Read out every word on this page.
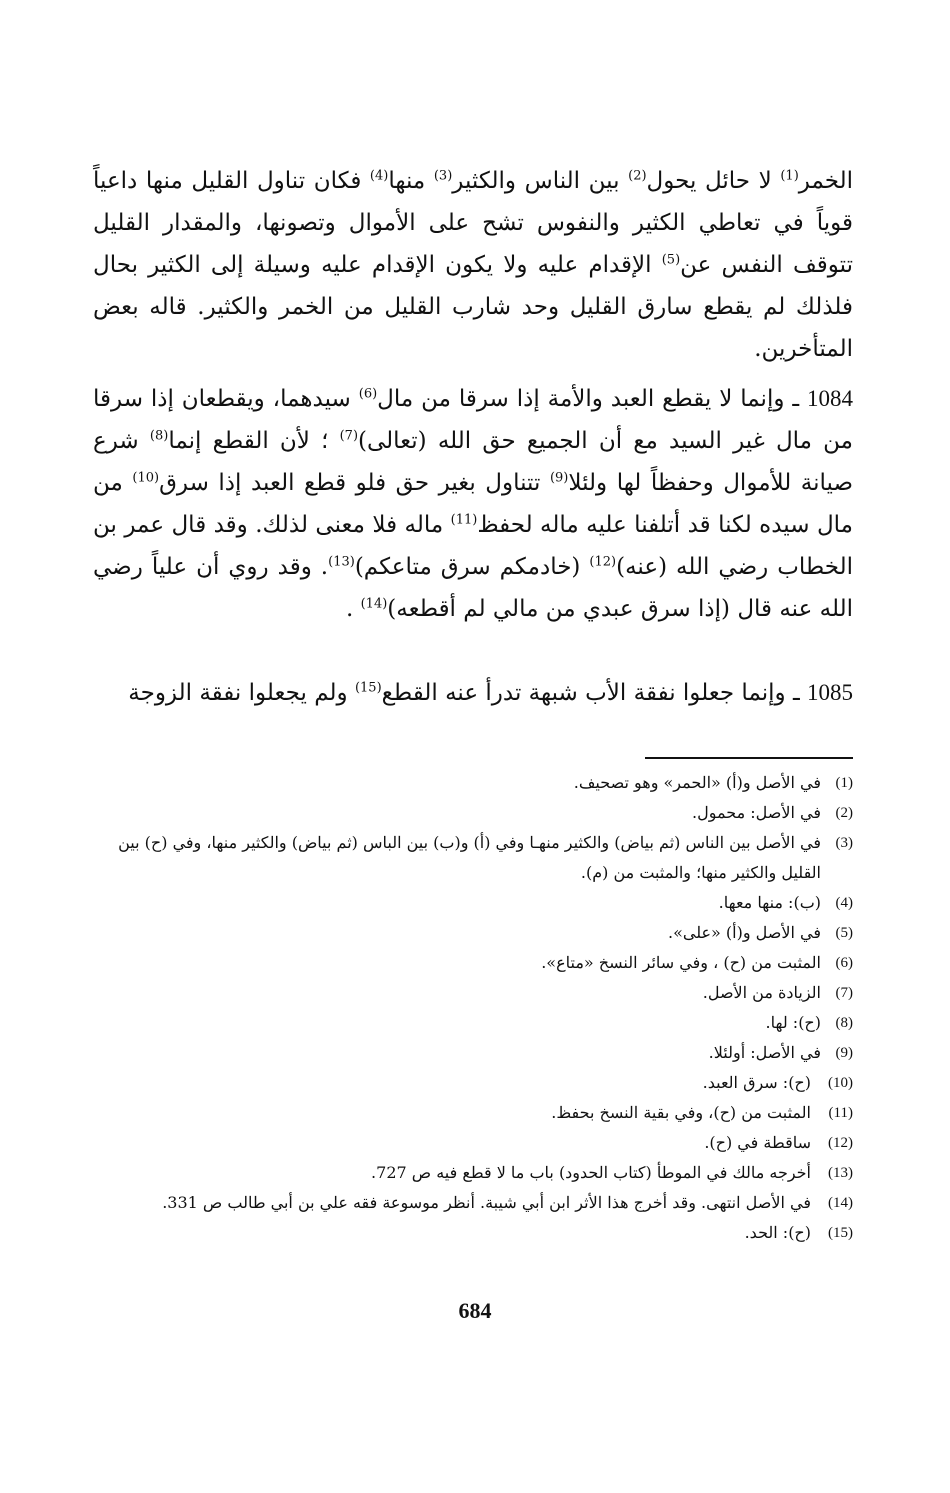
الخمر$^{(1)}$ لا حائل يحول$^{(2)}$ بين الناس والكثير$^{(3)}$ منها$^{(4)}$ فكان تناول القليل منها داعياً قوياً في تعاطي الكثير والنفوس تشح على الأموال وتصونها، والمقدار القليل تتوقف النفس عن$^{(5)}$ الإقدام عليه ولا يكون الإقدام عليه وسيلة إلى الكثير بحال فلذلك لم يقطع سارق القليل وحد شارب القليل من الخمر والكثير. قاله بعض المتأخرين.

1084 ـ وإنما لا يقطع العبد والأمة إذا سرقا من مال$^{(6)}$ سيدهما، ويقطعان إذا سرقا من مال غير السيد مع أن الجميع حق الله (تعالى)$^{(7)}$ ؛ لأن القطع إنما$^{(8)}$ شرع صيانة للأموال وحفظاً لها ولئلا$^{(9)}$ تتناول بغير حق فلو قطع العبد إذا سرق$^{(10)}$ من مال سيده لكنا قد أتلفنا عليه ماله لحفظ$^{(11)}$ ماله فلا معنى لذلك. وقد قال عمر بن الخطاب رضي الله (عنه)$^{(12)}$ (خادمكم سرق متاعكم)$^{(13)}$. وقد روي أن علياً رضي الله عنه قال (إذا سرق عبدي من مالي لم أقطعه)$^{(14)}$ .

1085 ـ وإنما جعلوا نفقة الأب شبهة تدرأ عنه القطع$^{(15)}$ ولم يجعلوا نفقة الزوجة

(1)
في الأصل و(أ) «الحمر» وهو تصحيف.
(2)
في الأصل: محمول.
(3)
في الأصل بين الناس (ثم بياض) والكثير منهـا وفي (أ) و(ب) بين الباس (ثم بياض) والكثير منها، وفي (ح) بين القليل والكثير منها؛ والمثبت من (م).
(4)
(ب): منها معها.
(5)
في الأصل و(أ) «على».
(6)
المثبت من (ح) ، وفي سائر النسخ «متاع».
(7)
الزيادة من الأصل.
(8)
(ح): لها.
(9)
في الأصل: أولئلا.
(10)
(ح): سرق العبد.
(11)
المثبت من (ح)، وفي بقية النسخ بحفظ.
(12)
ساقطة في (ح).
(13)
أخرجه مالك في الموطأ (كتاب الحدود) باب ما لا قطع فيه ص 727.
(14)
في الأصل انتهى. وقد أخرج هذا الأثر ابن أبي شيبة. أنظر موسوعة فقه علي بن أبي طالب ص 331.
(15)
(ح): الحد.
684
